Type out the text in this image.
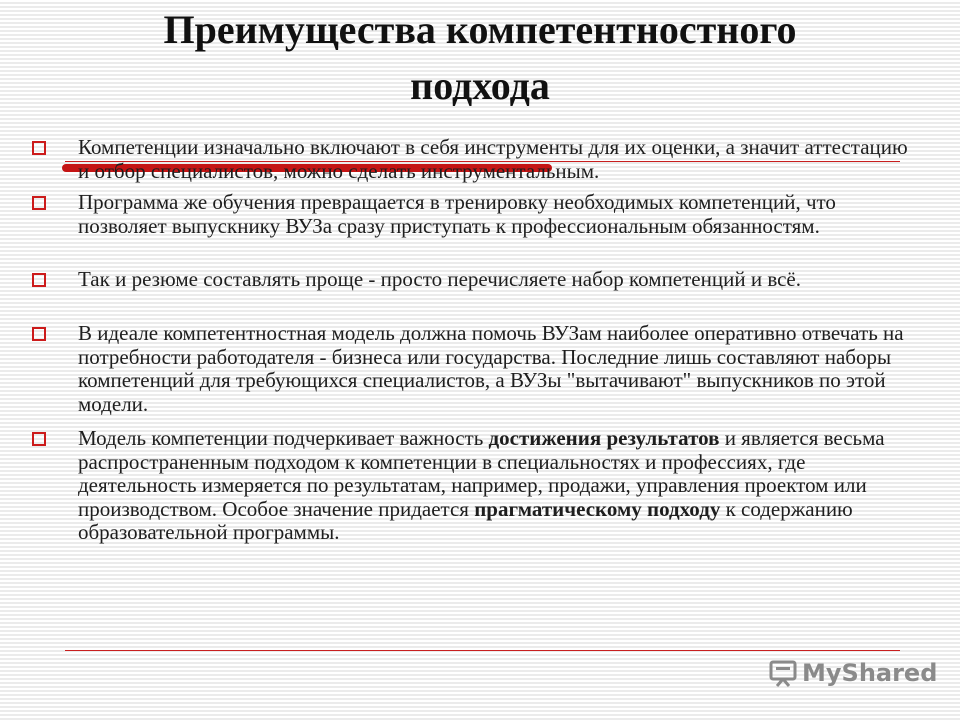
Преимущества компетентностного
подхода

Компетенции изначально включают в себя инструменты для их оценки, а значит аттестацию и отбор специалистов, можно сделать инструментальным.

Программа же обучения превращается в тренировку необходимых компетенций, что позволяет выпускнику ВУЗа сразу приступать к профессиональным обязанностям.

Так и резюме составлять проще - просто перечисляете набор компетенций и всё.

В идеале компетентностная модель должна помочь ВУЗам наиболее оперативно отвечать на потребности работодателя - бизнеса или государства. Последние лишь составляют наборы компетенций для требующихся специалистов, а ВУЗы "вытачивают" выпускников по этой модели.

Модель компетенции подчеркивает важность достижения результатов и является весьма распространенным подходом к компетенции в специальностях и профессиях, где деятельность измеряется по результатам, например, продажи, управления проектом или производством. Особое значение придается прагматическому подходу к содержанию образовательной программы.

MyShared
